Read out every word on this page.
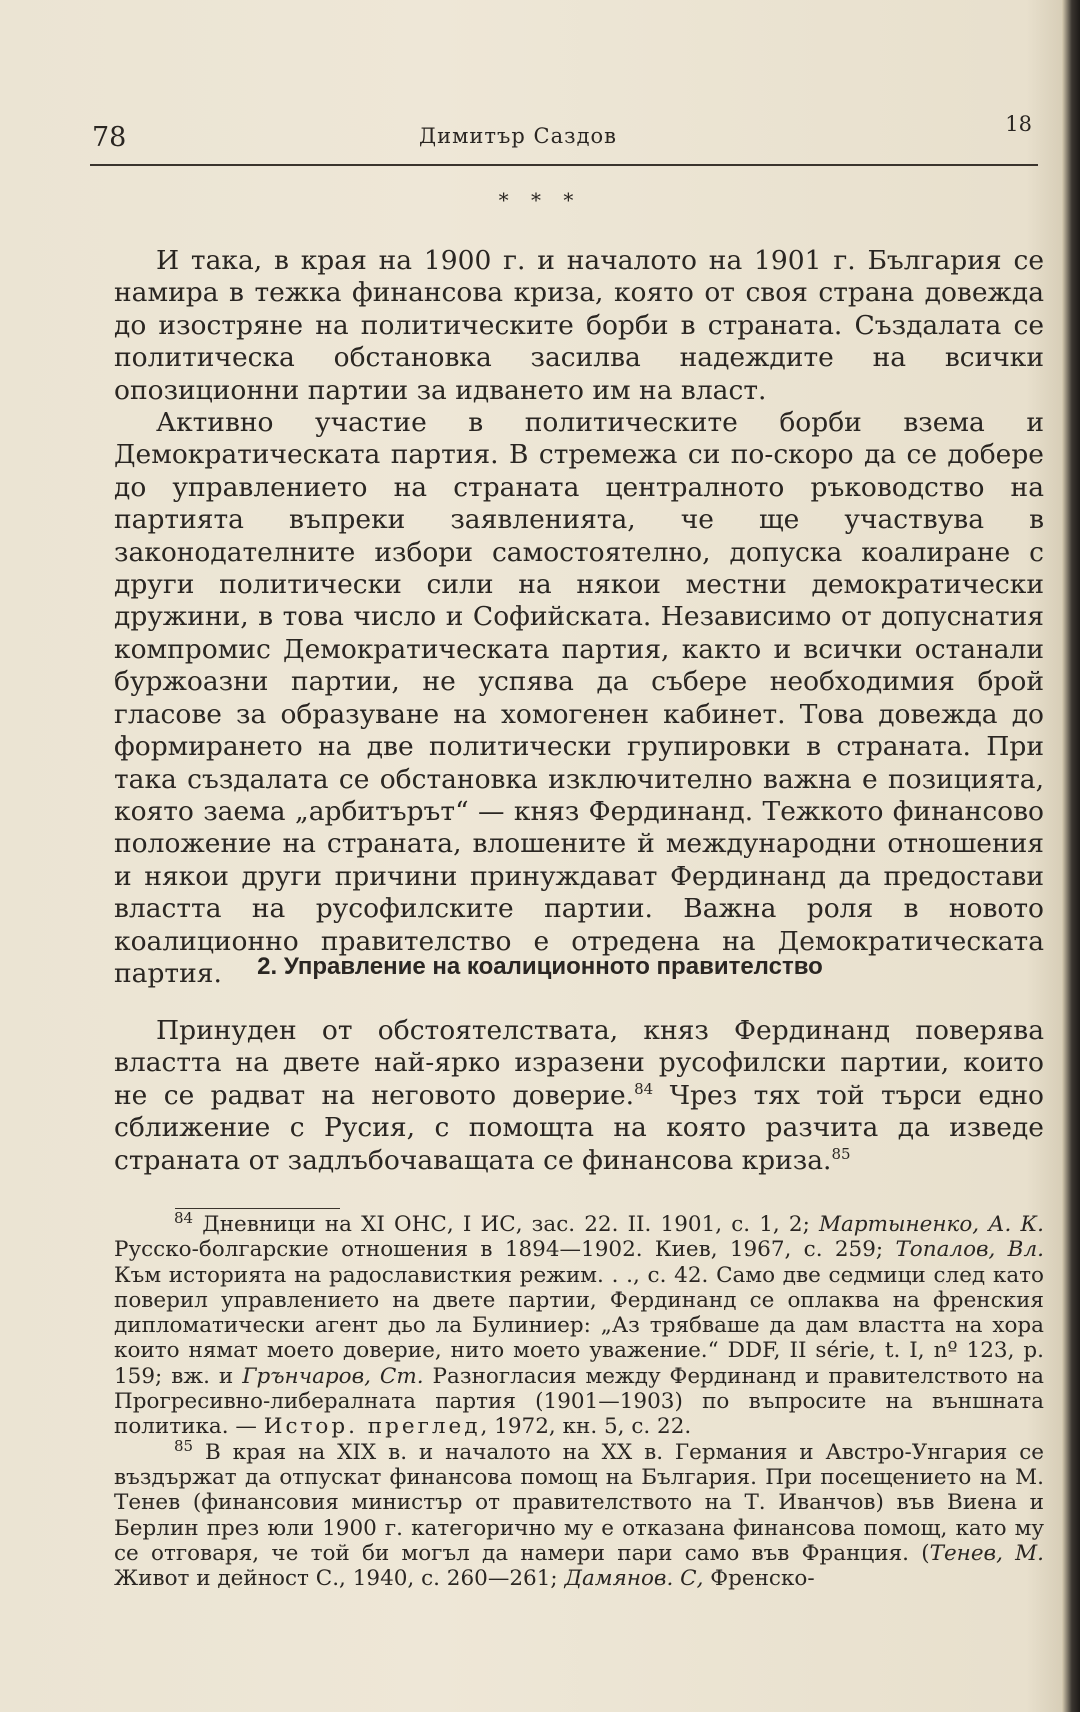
78	Димитър Саздов	18
* * *

И така, в края на 1900 г. и началото на 1901 г. България се намира в тежка финансова криза, която от своя страна довежда до изостряне на политическите борби в страната. Създалата се политическа обстановка засилва надеждите на всички опозиционни партии за идването им на власт.

Активно участие в политическите борби взема и Демократическата партия. В стремежа си по-скоро да се добере до управлението на страната централното ръководство на партията въпреки заявленията, че ще участвува в законодателните избори самостоятелно, допуска коалиране с други политически сили на някои местни демократически дружини, в това число и Софийската. Независимо от допуснатия компромис Демократическата партия, както и всички останали буржоазни партии, не успява да събере необходимия брой гласове за образуване на хомогенен кабинет. Това довежда до формирането на две политически групировки в страната. При така създалата се обстановка изключително важна е позицията, която заема „арбитърът“ — княз Фердинанд. Тежкото финансово положение на страната, влошените й международни отношения и някои други причини принуждават Фердинанд да предостави властта на русофилските партии. Важна роля в новото коалиционно правителство е отредена на Демократическата партия.	2. Управление на коалиционното правителство

Принуден от обстоятелствата, княз Фердинанд поверява властта на двете най-ярко изразени русофилски партии, които не се радват на неговото доверие.$^{84}$ Чрез тях той търси едно сближение с Русия, с помощта на която разчита да изведе страната от задлъбочаващата се финансова криза.$^{85}$

$^{84}$ Дневници на XI ОНС, I ИС, зас. 22. II. 1901, с. 1, 2; Мартыненко, А. К. Русско-болгарские отношения в 1894—1902. Киев, 1967, с. 259; Топалов, Вл. Към историята на радослависткия режим. . ., с. 42. Само две седмици след като поверил управлението на двете партии, Фердинанд се оплаква на френския дипломатически агент дьо ла Булиниер: „Аз трябваше да дам властта на хора които нямат моето доверие, нито моето уважение.“ DDF, II série, t. I, nº 123, p. 159; вж. и Грънчаров, Ст. Разногласия между Фердинанд и правителството на Прогресивно-либералната партия (1901—1903) по въпросите на външната политика. — Истор. преглед, 1972, кн. 5, с. 22.

$^{85}$ В края на XIX в. и началото на XX в. Германия и Австро-Унгария се въздържат да отпускат финансова помощ на България. При посещението на М. Тенев (финансовия министър от правителството на Т. Иванчов) във Виена и Берлин през юли 1900 г. категорично му е отказана финансова помощ, като му се отговаря, че той би могъл да намери пари само във Франция. (Тенев, М. Живот и дейност С., 1940, с. 260—261; Дамянов. С, Френско-
